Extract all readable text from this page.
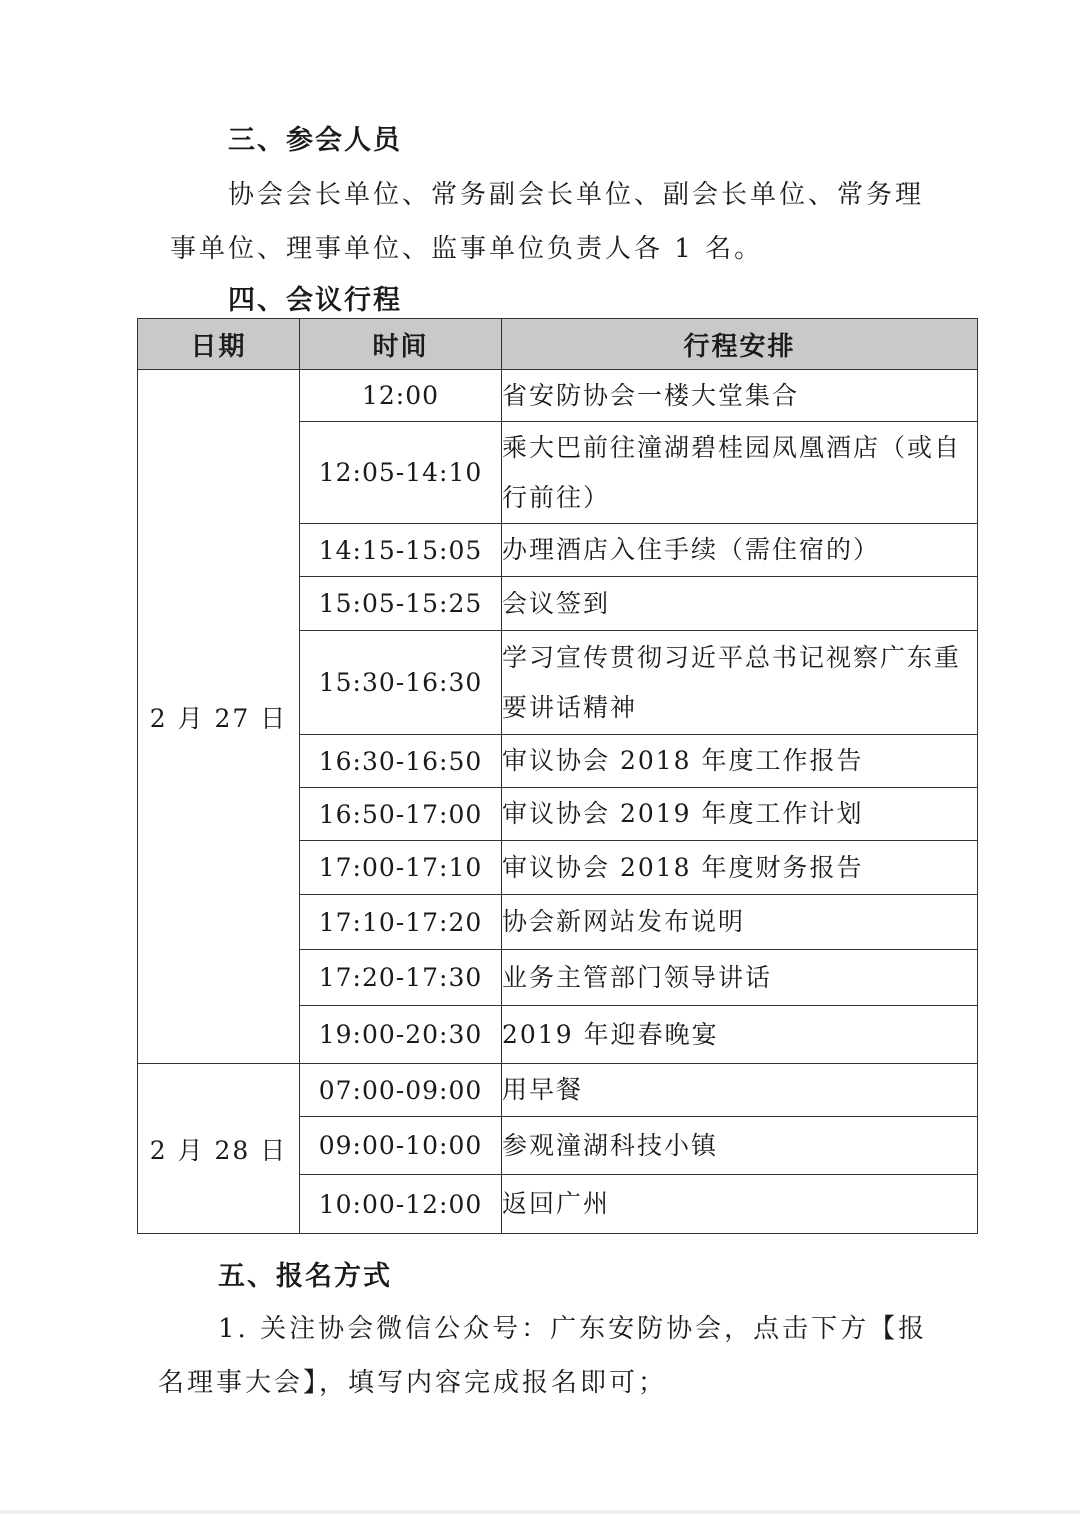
三、参会人员
协会会长单位、常务副会长单位、副会长单位、常务理
事单位、理事单位、监事单位负责人各 1 名。
四、会议行程
日期	时间	行程安排
2 月 27 日	12:00	省安防协会一楼大堂集合
	12:05-14:10	乘大巴前往潼湖碧桂园凤凰酒店（或自行前往）
	14:15-15:05	办理酒店入住手续（需住宿的）
	15:05-15:25	会议签到
	15:30-16:30	学习宣传贯彻习近平总书记视察广东重要讲话精神
	16:30-16:50	审议协会 2018 年度工作报告
	16:50-17:00	审议协会 2019 年度工作计划
	17:00-17:10	审议协会 2018 年度财务报告
	17:10-17:20	协会新网站发布说明
	17:20-17:30	业务主管部门领导讲话
	19:00-20:30	2019 年迎春晚宴
2 月 28 日	07:00-09:00	用早餐
	09:00-10:00	参观潼湖科技小镇
	10:00-12:00	返回广州
五、报名方式
1. 关注协会微信公众号：广东安防协会，点击下方【报
名理事大会】，填写内容完成报名即可；
